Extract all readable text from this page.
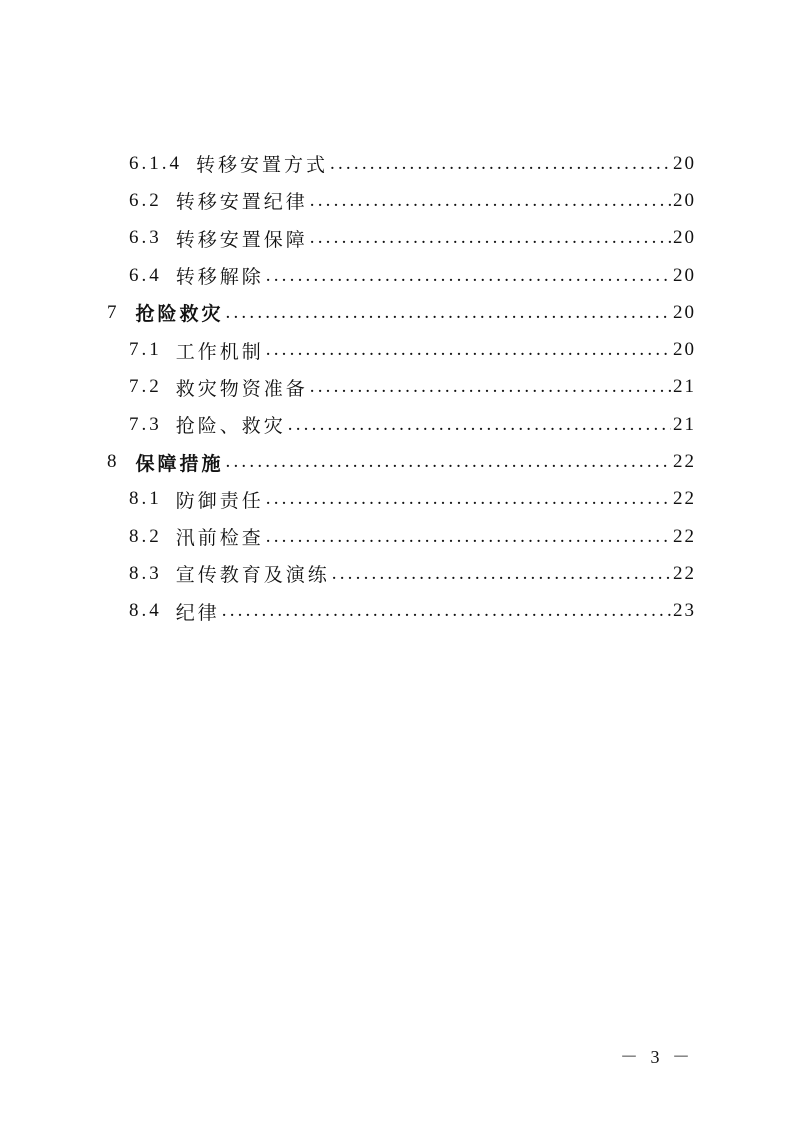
6.1.4 转移安置方式 .....	20
6.2 转移安置纪律 .....	20
6.3 转移安置保障 .....	20
6.4 转移解除 .....	20
7 抢险救灾 .....	20
7.1 工作机制 .....	20
7.2 救灾物资准备 .....	21
7.3 抢险、救灾 .....	21
8 保障措施 .....	22
8.1 防御责任 .....	22
8.2 汛前检查 .....	22
8.3 宣传教育及演练 .....	22
8.4 纪律 .....	23
－ 3 －
